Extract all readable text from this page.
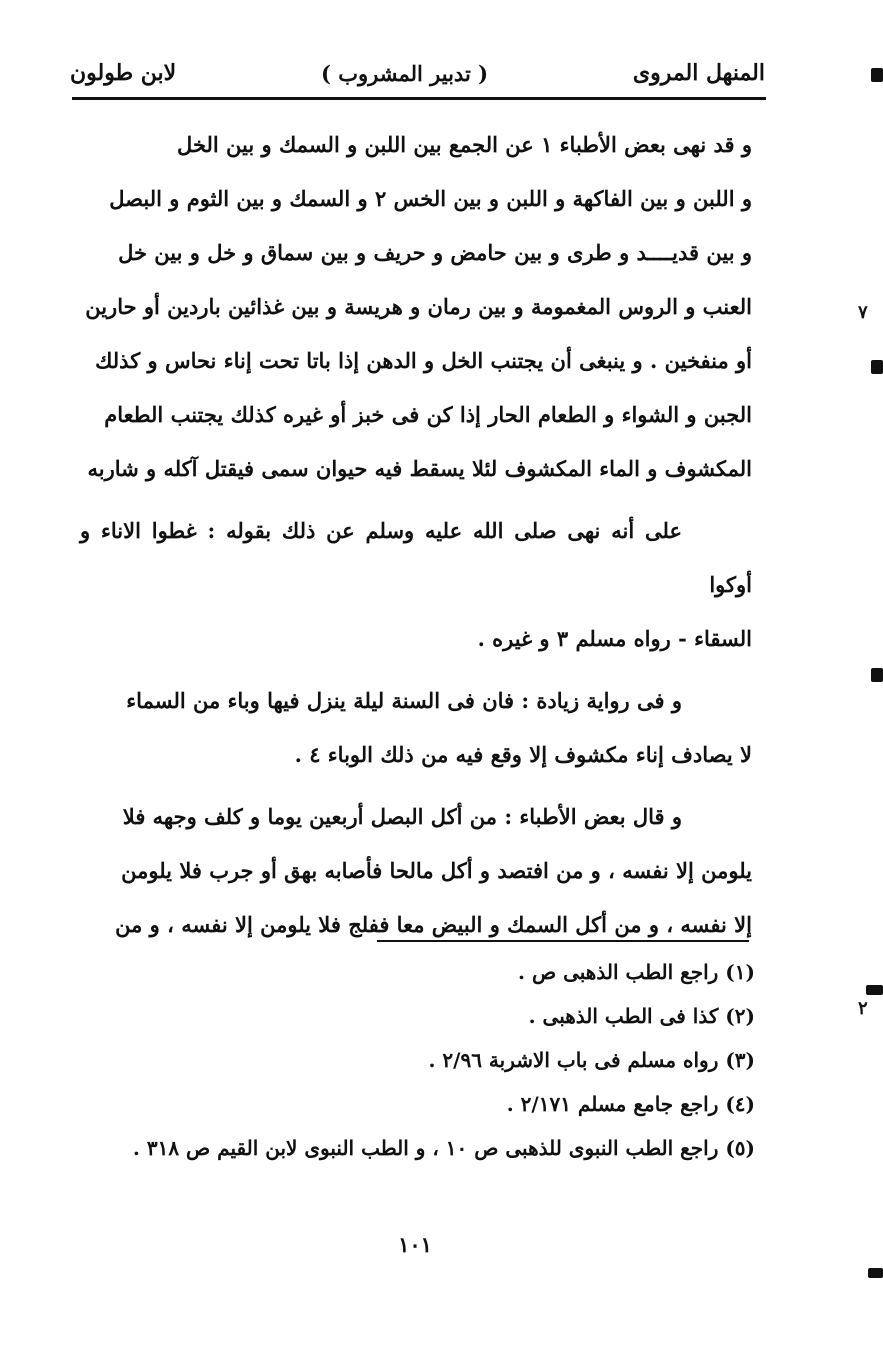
المنهل المروى
( تدبير المشروب )
لابن طولون

و قد نهى بعض الأطباء ١ عن الجمع بين اللبن و السمك و بين الخل

و اللبن و بين الفاكهة و اللبن و بين الخس ٢ و السمك و بين الثوم و البصل

و بين قديــــد و طرى و بين حامض و حريف و بين سماق و خل و بين خل

العنب و الروس المغمومة و بين رمان و هريسة و بين غذائين باردين أو حارين

أو منفخين . و ينبغى أن يجتنب الخل و الدهن إذا باتا تحت إناء نحاس و كذلك

الجبن و الشواء و الطعام الحار إذا كن فى خبز أو غيره كذلك يجتنب الطعام

المكشوف و الماء المكشوف لئلا يسقط فيه حيوان سمى فيقتل آكله و شاربه

على أنه نهى صلى الله عليه وسلم عن ذلك بقوله : غطوا الاناء و أوكوا

السقاء - رواه مسلم ٣ و غيره .

و فى رواية زيادة : فان فى السنة ليلة ينزل فيها وباء من السماء

لا يصادف إناء مكشوف إلا وقع فيه من ذلك الوباء ٤ .

و قال بعض الأطباء : من أكل البصل أربعين يوما و كلف وجهه فلا

يلومن إلا نفسه ، و من افتصد و أكل مالحا فأصابه بهق أو جرب فلا يلومن

إلا نفسه ، و من أكل السمك و البيض معا ففلج فلا يلومن إلا نفسه ، و من

(١) راجع الطب الذهبى ص .
(٢) كذا فى الطب الذهبى .
(٣) رواه مسلم فى باب الاشربة ٢/٩٦ .
(٤) راجع جامع مسلم ٢/١٧١ .
(٥) راجع الطب النبوى للذهبى ص ١٠ ، و الطب النبوى لابن القيم ص ٣١٨ .
١٠١
٧
٢
